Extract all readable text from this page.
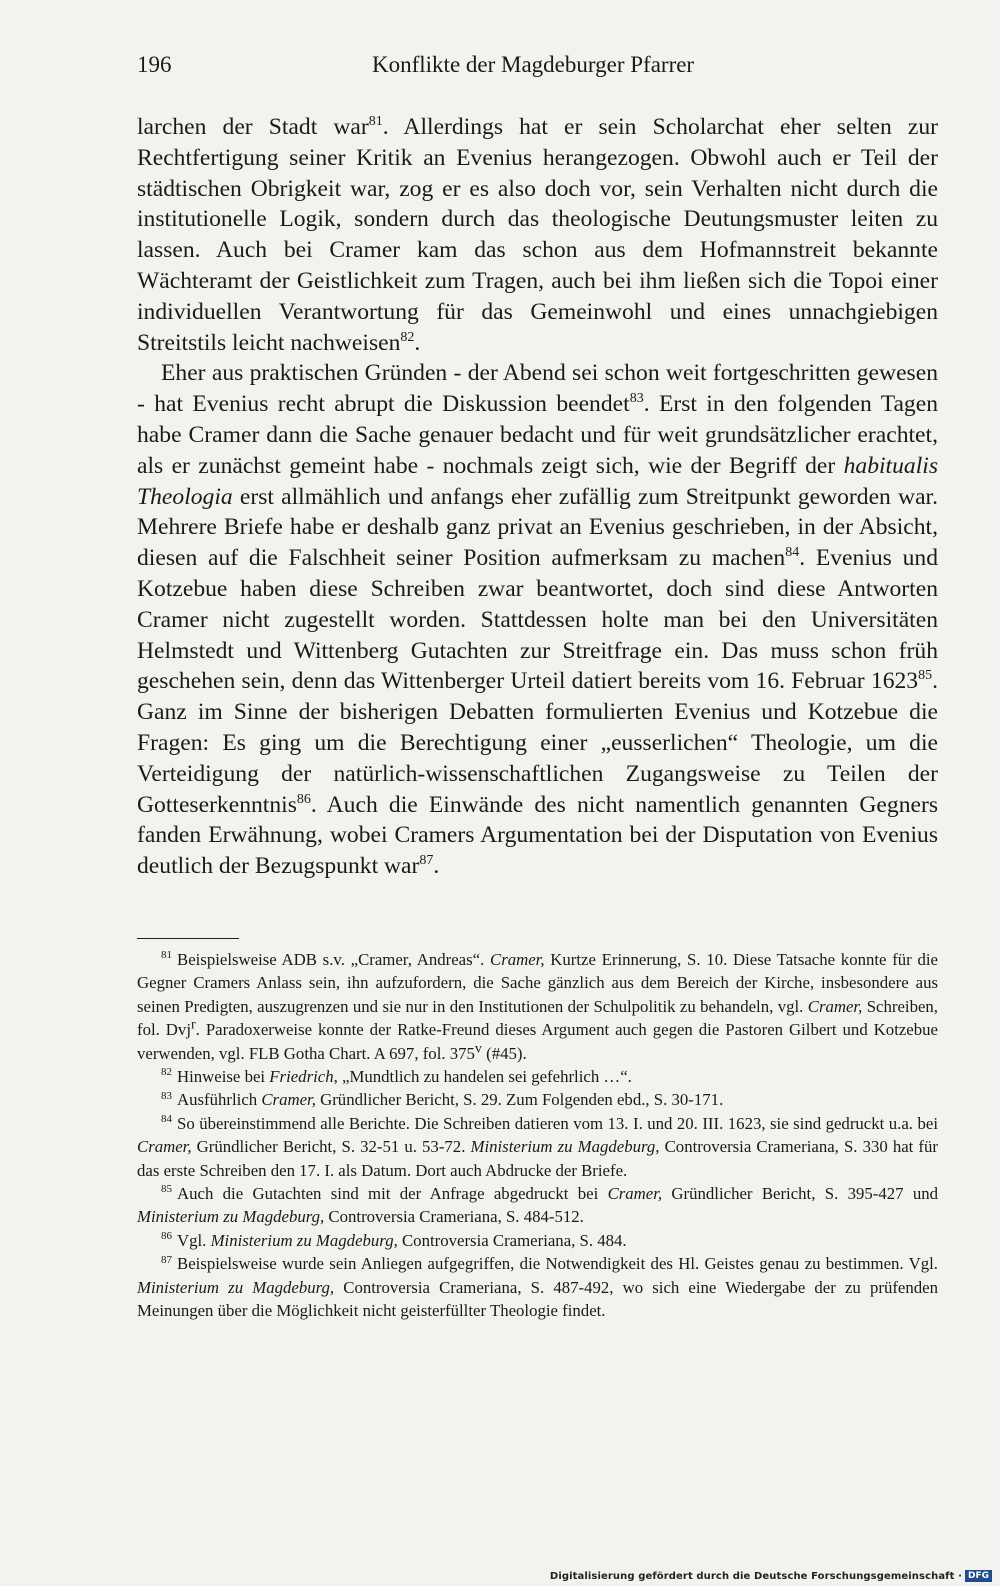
196	Konflikte der Magdeburger Pfarrer

larchen der Stadt war$^{81}$. Allerdings hat er sein Scholarchat eher selten zur Rechtfertigung seiner Kritik an Evenius herangezogen. Obwohl auch er Teil der städtischen Obrigkeit war, zog er es also doch vor, sein Verhalten nicht durch die institutionelle Logik, sondern durch das theologische Deutungsmuster leiten zu lassen. Auch bei Cramer kam das schon aus dem Hofmannstreit bekannte Wächteramt der Geistlichkeit zum Tragen, auch bei ihm ließen sich die Topoi einer individuellen Verantwortung für das Gemeinwohl und eines unnachgiebigen Streitstils leicht nachweisen$^{82}$.

Eher aus praktischen Gründen - der Abend sei schon weit fortgeschritten gewesen - hat Evenius recht abrupt die Diskussion beendet$^{83}$. Erst in den folgenden Tagen habe Cramer dann die Sache genauer bedacht und für weit grundsätzlicher erachtet, als er zunächst gemeint habe - nochmals zeigt sich, wie der Begriff der habitualis Theologia erst allmählich und anfangs eher zufällig zum Streitpunkt geworden war. Mehrere Briefe habe er deshalb ganz privat an Evenius geschrieben, in der Absicht, diesen auf die Falschheit seiner Position aufmerksam zu machen$^{84}$. Evenius und Kotzebue haben diese Schreiben zwar beantwortet, doch sind diese Antworten Cramer nicht zugestellt worden. Stattdessen holte man bei den Universitäten Helmstedt und Wittenberg Gutachten zur Streitfrage ein. Das muss schon früh geschehen sein, denn das Wittenberger Urteil datiert bereits vom 16. Februar 1623$^{85}$. Ganz im Sinne der bisherigen Debatten formulierten Evenius und Kotzebue die Fragen: Es ging um die Berechtigung einer „eusserlichen“ Theologie, um die Verteidigung der natürlich-wissenschaftlichen Zugangsweise zu Teilen der Gotteserkenntnis$^{86}$. Auch die Einwände des nicht namentlich genannten Gegners fanden Erwähnung, wobei Cramers Argumentation bei der Disputation von Evenius deutlich der Bezugspunkt war$^{87}$.

$^{81}$ Beispielsweise ADB s.v. „Cramer, Andreas“. Cramer, Kurtze Erinnerung, S. 10. Diese Tatsache konnte für die Gegner Cramers Anlass sein, ihn aufzufordern, die Sache gänzlich aus dem Bereich der Kirche, insbesondere aus seinen Predigten, auszugrenzen und sie nur in den Institutionen der Schulpolitik zu behandeln, vgl. Cramer, Schreiben, fol. Dvj$^r$. Paradoxerweise konnte der Ratke-Freund dieses Argument auch gegen die Pastoren Gilbert und Kotzebue verwenden, vgl. FLB Gotha Chart. A 697, fol. 375$^v$ (#45).

$^{82}$ Hinweise bei Friedrich, „Mundtlich zu handelen sei gefehrlich …“.

$^{83}$ Ausführlich Cramer, Gründlicher Bericht, S. 29. Zum Folgenden ebd., S. 30-171.

$^{84}$ So übereinstimmend alle Berichte. Die Schreiben datieren vom 13. I. und 20. III. 1623, sie sind gedruckt u.a. bei Cramer, Gründlicher Bericht, S. 32-51 u. 53-72. Ministerium zu Magdeburg, Controversia Crameriana, S. 330 hat für das erste Schreiben den 17. I. als Datum. Dort auch Abdrucke der Briefe.

$^{85}$ Auch die Gutachten sind mit der Anfrage abgedruckt bei Cramer, Gründlicher Bericht, S. 395-427 und Ministerium zu Magdeburg, Controversia Crameriana, S. 484-512.

$^{86}$ Vgl. Ministerium zu Magdeburg, Controversia Crameriana, S. 484.

$^{87}$ Beispielsweise wurde sein Anliegen aufgegriffen, die Notwendigkeit des Hl. Geistes genau zu bestimmen. Vgl. Ministerium zu Magdeburg, Controversia Crameriana, S. 487-492, wo sich eine Wiedergabe der zu prüfenden Meinungen über die Möglichkeit nicht geisterfüllter Theologie findet.

Digitalisierung gefördert durch die Deutsche Forschungsgemeinschaft · DFG
